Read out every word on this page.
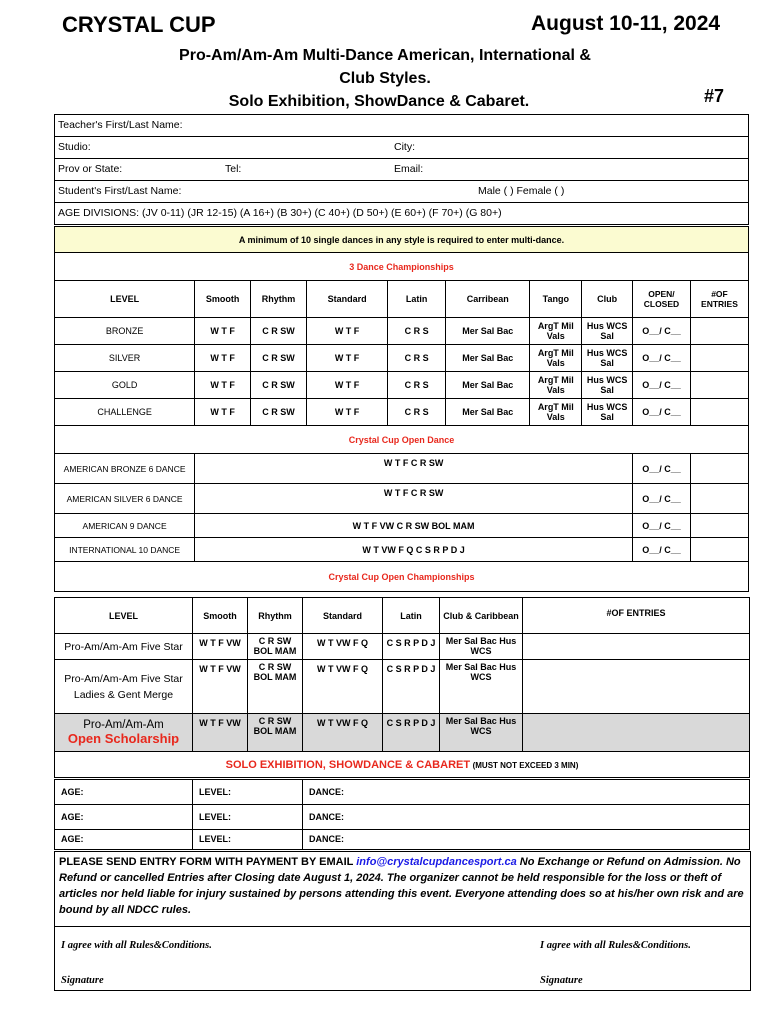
CRYSTAL CUP	August 10-11, 2024
Pro-Am/Am-Am Multi-Dance American, International &
Club Styles.
Solo Exhibition, ShowDance & Cabaret.	#7
Teacher's First/Last Name:
Studio:	City:
Prov or State:	Tel:	Email:
Student's First/Last Name:	Male ( ) Female ( )
AGE DIVISIONS: (JV 0-11) (JR 12-15) (A 16+) (B 30+) (C 40+) (D 50+) (E 60+) (F 70+) (G 80+)
A minimum of 10 single dances in any style is required to enter multi-dance.									
3 Dance Championships									
LEVEL	Smooth	Rhythm	Standard	Latin	Carribean	Tango	Club	OPEN/ CLOSED	#OF ENTRIES
BRONZE	W T F	C R SW	W T F	C R S	Mer Sal Bac	ArgT Mil Vals	Hus WCS Sal	O__/ C__	
SILVER	W T F	C R SW	W T F	C R S	Mer Sal Bac	ArgT Mil Vals	Hus WCS Sal	O__/ C__	
GOLD	W T F	C R SW	W T F	C R S	Mer Sal Bac	ArgT Mil Vals	Hus WCS Sal	O__/ C__	
CHALLENGE	W T F	C R SW	W T F	C R S	Mer Sal Bac	ArgT Mil Vals	Hus WCS Sal	O__/ C__	
Crystal Cup Open Dance									
AMERICAN BRONZE 6 DANCE	W T F C R SW							O__/ C__	
AMERICAN SILVER 6 DANCE	W T F C R SW							O__/ C__	
AMERICAN 9 DANCE	W T F VW C R SW BOL MAM							O__/ C__	
INTERNATIONAL 10 DANCE	W T VW F Q C S R P D J							O__/ C__	
Crystal Cup Open Championships									
LEVEL	Smooth	Rhythm	Standard	Latin	Club & Caribbean	#OF ENTRIES
Pro-Am/Am-Am Five Star	W T F VW	C R SW BOL MAM	W T VW F Q	C S R P D J	Mer Sal Bac Hus WCS	
Pro-Am/Am-Am Five Star
Ladies & Gent Merge	W T F VW	C R SW BOL MAM	W T VW F Q	C S R P D J	Mer Sal Bac Hus WCS	

Pro-Am/Am-Am
Open Scholarship	W T F VW	C R SW BOL MAM	W T VW F Q	C S R P D J	Mer Sal Bac Hus WCS	
SOLO EXHIBITION, SHOWDANCE & CABARET (MUST NOT EXCEED 3 MIN)						
AGE:	LEVEL:	DANCE:
AGE:	LEVEL:	DANCE:
AGE:	LEVEL:	DANCE:
PLEASE SEND ENTRY FORM WITH PAYMENT BY EMAIL info@crystalcupdancesport.ca No Exchange or Refund on Admission. No Refund or cancelled Entries after Closing date August 1, 2024. The organizer cannot be held responsible for the loss or theft of articles nor held liable for injury sustained by persons attending this event. Everyone attending does so at his/her own risk and are bound by all NDCC rules.
I agree with all Rules&Conditions.	I agree with all Rules&Conditions.
Signature	Signature
